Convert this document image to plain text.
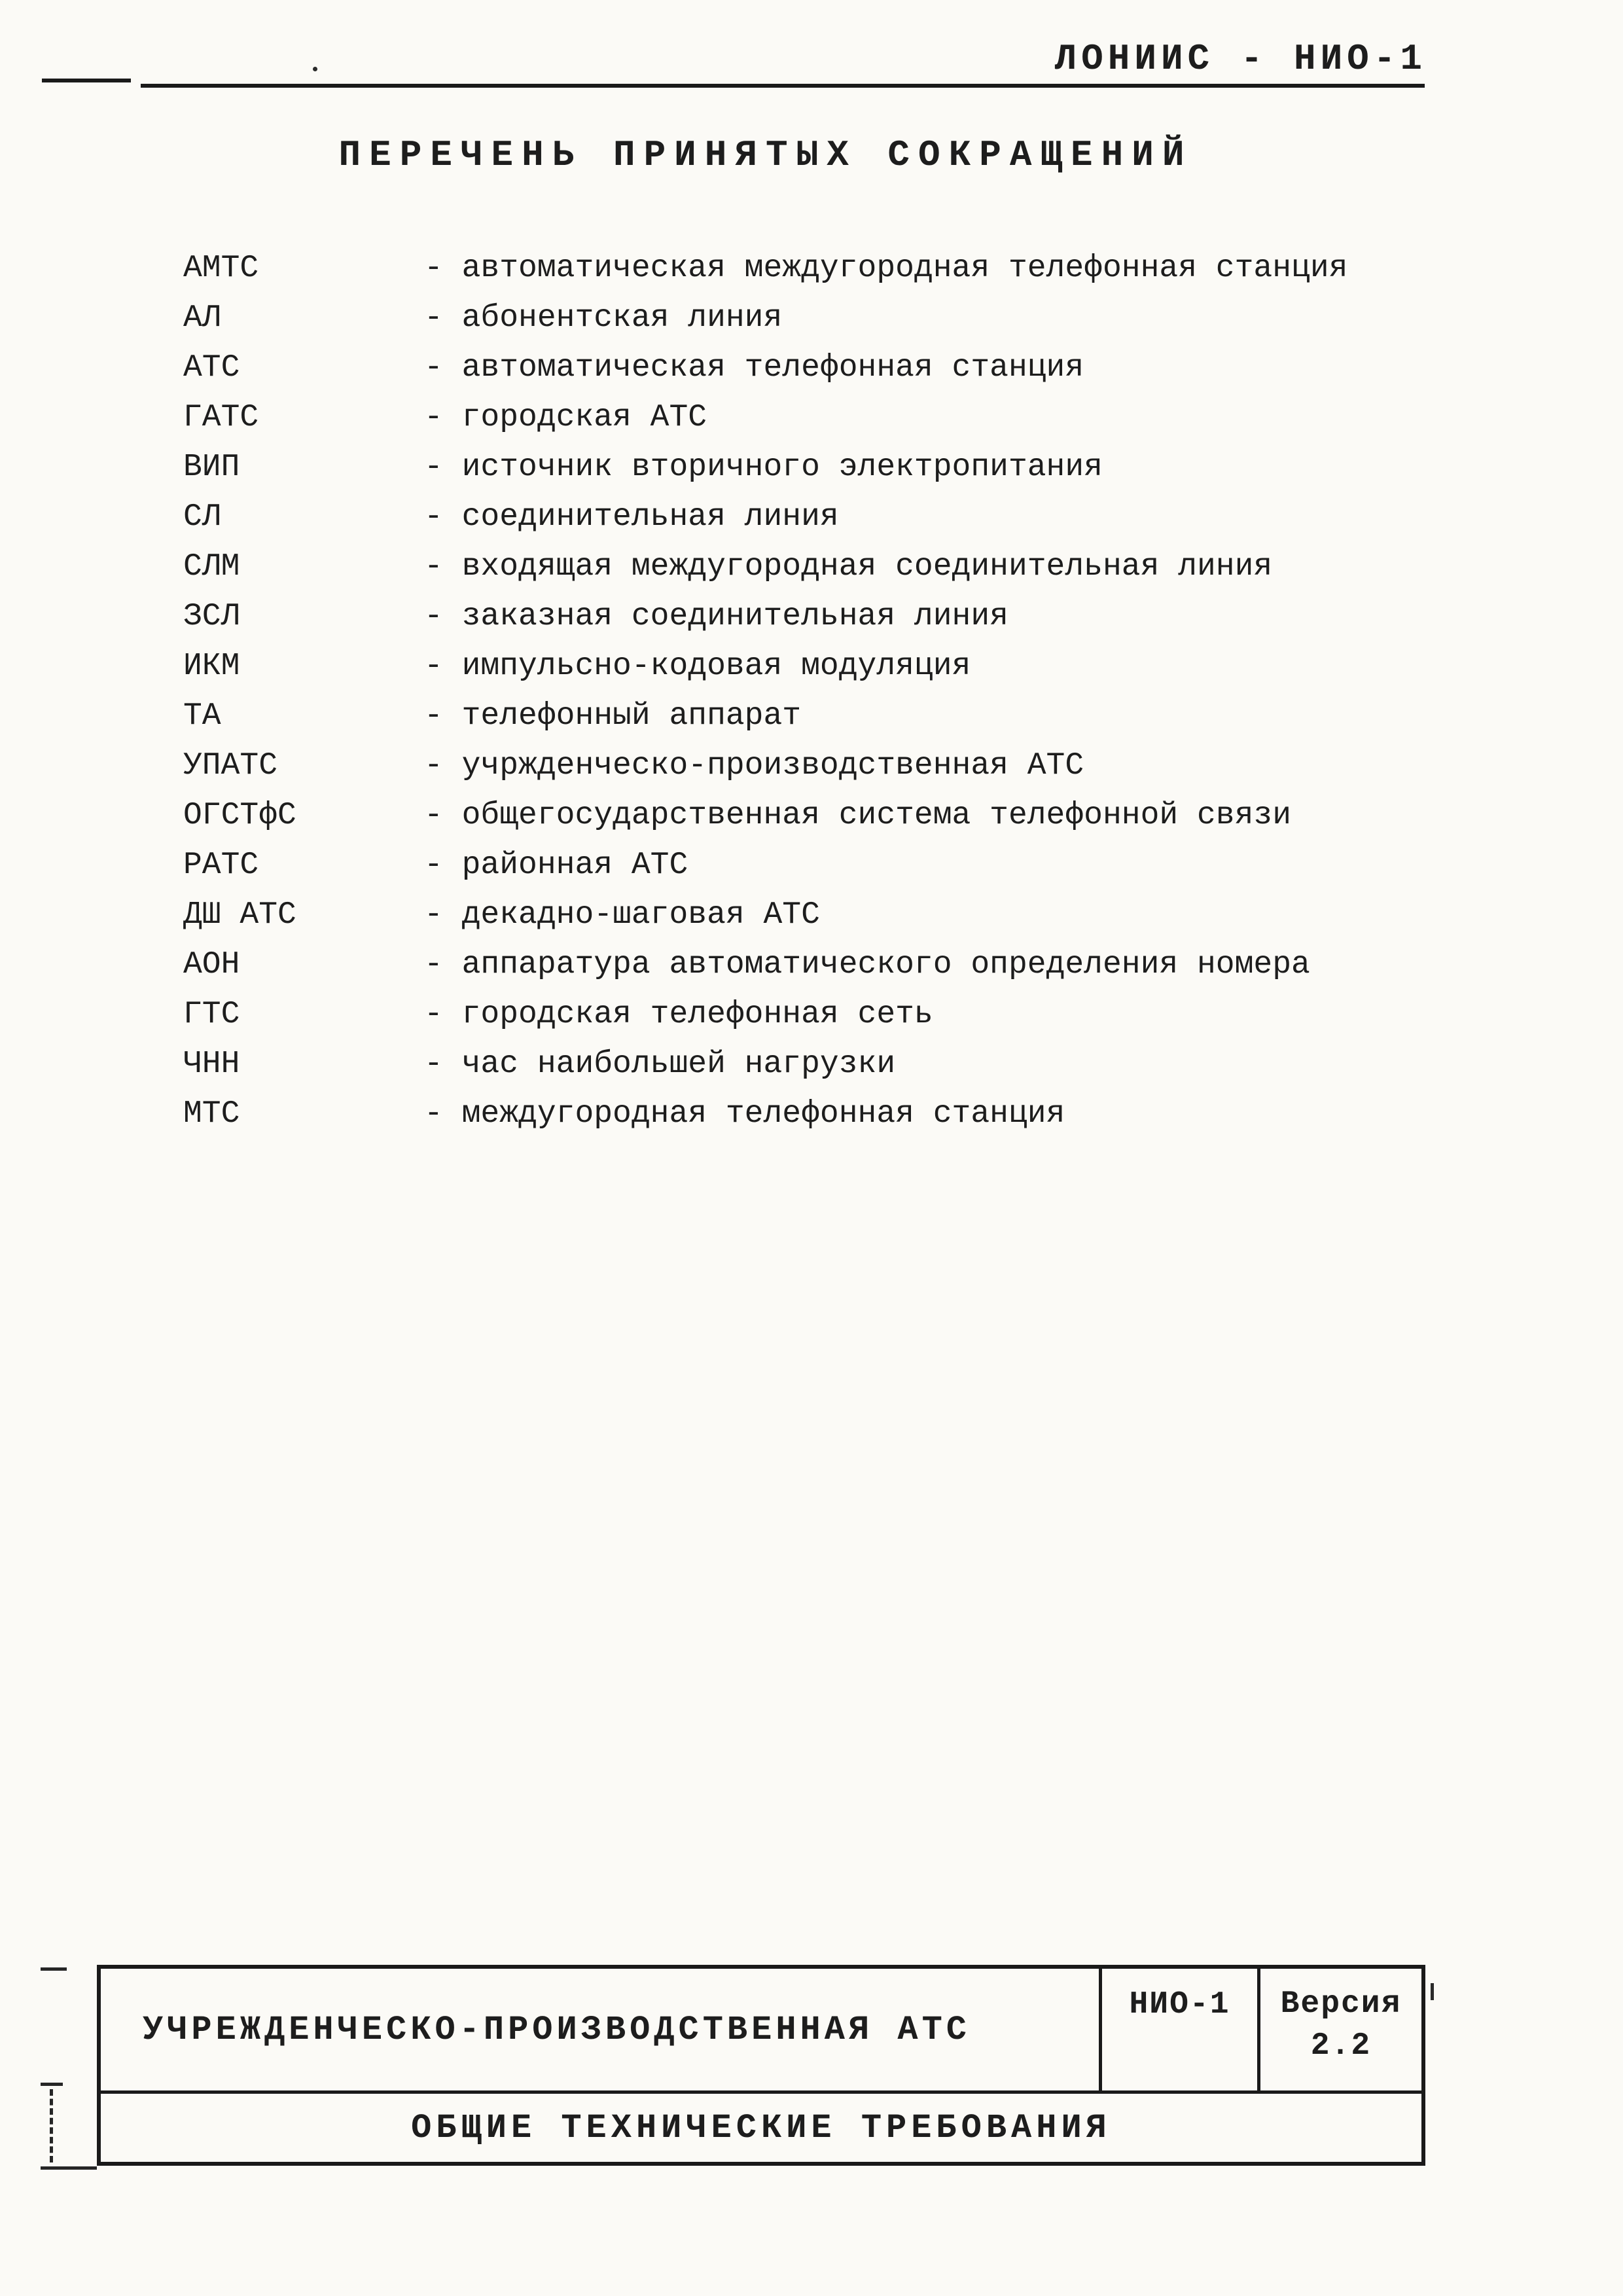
ЛОНИИС - НИО-1
ПЕРЕЧЕНЬ ПРИНЯТЫХ СОКРАЩЕНИЙ
АМТС	- автоматическая междугородная телефонная станция
АЛ	- абонентская линия
АТС	- автоматическая телефонная станция
ГАТС	- городская АТС
ВИП	- источник вторичного электропитания
СЛ	- соединительная линия
СЛМ	- входящая междугородная соединительная линия
ЗСЛ	- заказная соединительная линия
ИКМ	- импульсно-кодовая модуляция
ТА	- телефонный аппарат
УПАТС	- учржденческо-производственная АТС
ОГСТфС	- общегосударственная система телефонной связи
РАТС	- районная АТС
ДШ АТС	- декадно-шаговая АТС
АОН	- аппаратура автоматического определения номера
ГТС	- городская телефонная сеть
ЧНН	- час наибольшей нагрузки
МТС	- междугородная телефонная станция
УЧРЕЖДЕНЧЕСКО-ПРОИЗВОДСТВЕННАЯ АТС
НИО-1	Версия
2.2
ОБЩИЕ ТЕХНИЧЕСКИЕ ТРЕБОВАНИЯ
